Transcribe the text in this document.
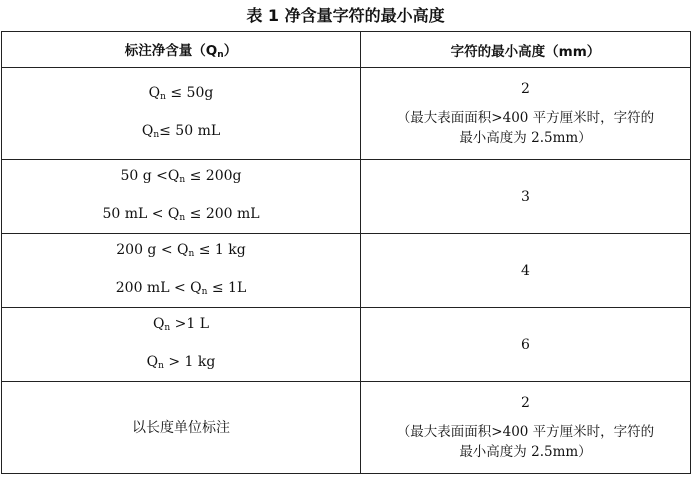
表 1 净含量字符的最小高度
标注净含量$(Q_n)$	字符的最小高度（mm）

$Q_n \le 50g$
$Q_n\le 50$ mL	2
（最大表面面积>400 平方厘米时，字符的
最小高度为 2.5mm）

50 $g <Q_n \le 200g$
50 mL < $Q_n \le 200$ mL	3

200 $g < Q_n \le 1$ kg
200 mL < $Q_n \le 1L$	4

$Q_n >1$ L
$Q_n > 1$ kg	6

以长度单位标注	2
（最大表面面积>400 平方厘米时，字符的
最小高度为 2.5mm）
